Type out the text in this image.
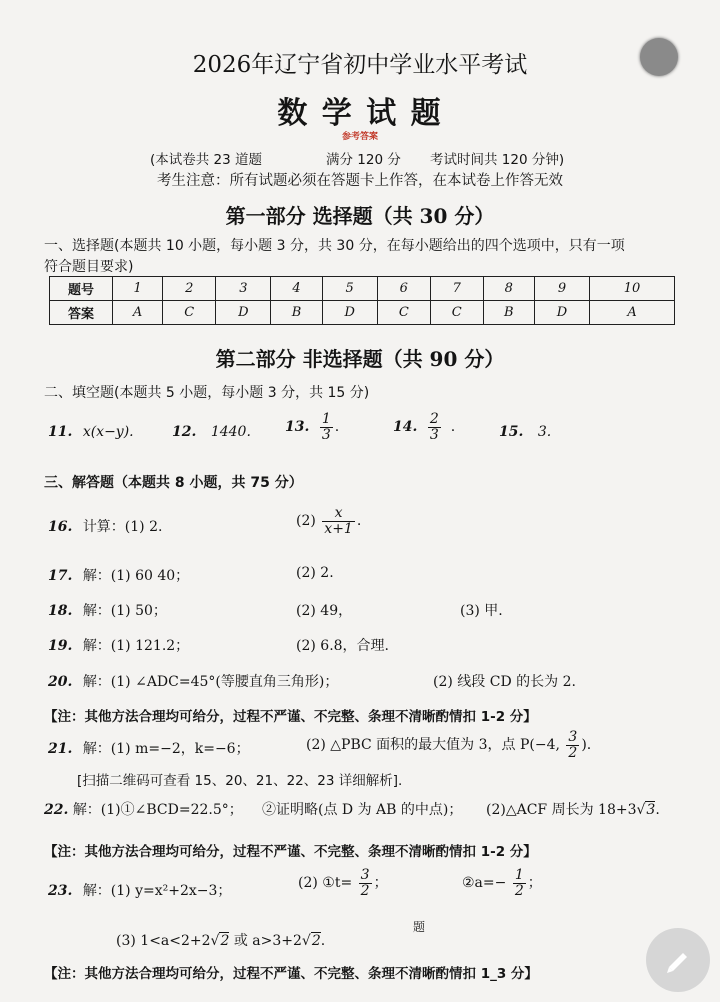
2026年辽宁省初中学业水平考试
数 学 试 题
参考答案
(本试卷共 23 道题	满分 120 分 考试时间共 120 分钟)
考生注意：所有试题必须在答题卡上作答，在本试卷上作答无效
第一部分 选择题（共 30 分）
一、选择题(本题共 10 小题，每小题 3 分，共 30 分，在每小题给出的四个选项中，只有一项
符合题目要求)
题号	1	2	3	4	5	6	7	8	9	10
答案	A	C	D	B	D	C	C	B	D	A
第二部分 非选择题（共 90 分）
二、填空题(本题共 5 小题，每小题 3 分，共 15 分)
11. x(x−y).	12. 1440. 13. $\frac{1}{3}$ .	14. $\frac{2}{3}$ .	15. 3.
三、解答题（本题共 8 小题，共 75 分）
16. 计算：(1) 2.	$(2) \frac{x}{x+1}$ .
17. 解：(1) 60 40；	(2) 2.
18. 解：(1) 50；	(2) 49，	(3) 甲.
19. 解：(1) 121.2；	(2) 6.8，合理.
20. 解：(1) ∠ADC=45°(等腰直角三角形)；	(2) 线段 CD 的长为 2.
【注：其他方法合理均可给分，过程不严谨、不完整、条理不清晰酌情扣 1-2 分】
21. 解：(1) m=−2，k=−6；	(2) △PBC 面积的最大值为 3，点 P(−4, $\frac{3}{2}$ ).
[扫描二维码可查看 15、20、21、22、23 详细解析].
22. 解：(1)①∠BCD=22.5°； ②证明略(点 D 为 AB 的中点)； (2)△ACF 周长为 18+3√3.
【注：其他方法合理均可给分，过程不严谨、不完整、条理不清晰酌情扣 1-2 分】
23. 解：(1) y=x²+2x−3；	(2) ①t= $\frac{3}{2}$ ；	②a=− $\frac{1}{2}$ ；
题
(3) 1<a<2+2√2 或 a>3+2√2.
【注：其他方法合理均可给分，过程不严谨、不完整、条理不清晰酌情扣 1_3 分】
